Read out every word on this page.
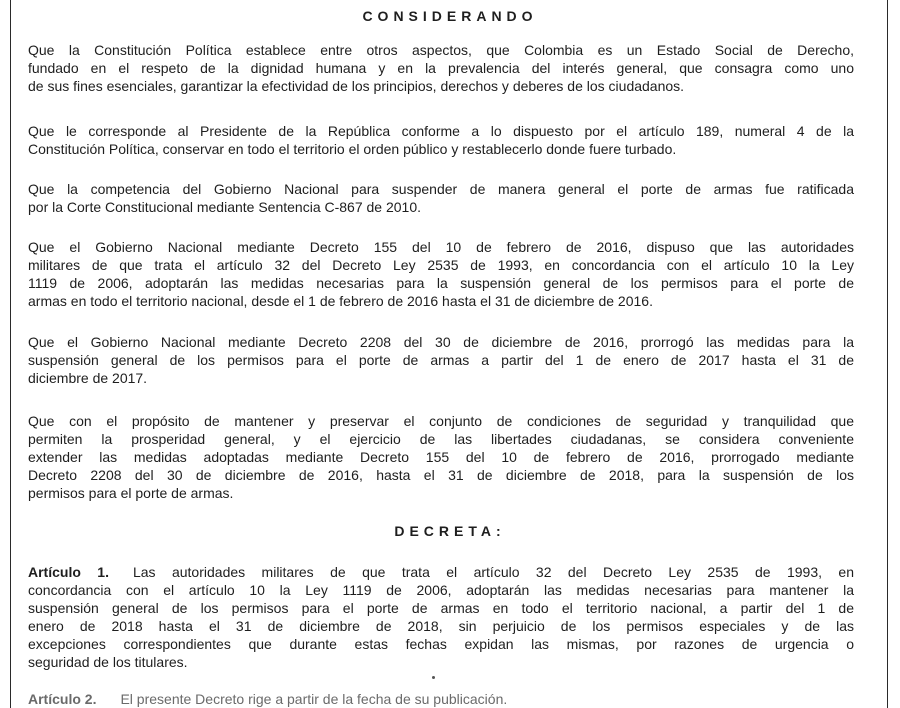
CONSIDERANDO
Que la Constitución Política establece entre otros aspectos, que Colombia es un Estado Social de Derecho,
fundado en el respeto de la dignidad humana y en la prevalencia del interés general, que consagra como uno
de sus fines esenciales, garantizar la efectividad de los principios, derechos y deberes de los ciudadanos.
Que le corresponde al Presidente de la República conforme a lo dispuesto por el artículo 189, numeral 4 de la
Constitución Política, conservar en todo el territorio el orden público y restablecerlo donde fuere turbado.
Que la competencia del Gobierno Nacional para suspender de manera general el porte de armas fue ratificada
por la Corte Constitucional mediante Sentencia C-867 de 2010.
Que el Gobierno Nacional mediante Decreto 155 del 10 de febrero de 2016, dispuso que las autoridades
militares de que trata el artículo 32 del Decreto Ley 2535 de 1993, en concordancia con el artículo 10 la Ley
1119 de 2006, adoptarán las medidas necesarias para la suspensión general de los permisos para el porte de
armas en todo el territorio nacional, desde el 1 de febrero de 2016 hasta el 31 de diciembre de 2016.
Que el Gobierno Nacional mediante Decreto 2208 del 30 de diciembre de 2016, prorrogó las medidas para la
suspensión general de los permisos para el porte de armas a partir del 1 de enero de 2017 hasta el 31 de
diciembre de 2017.
Que con el propósito de mantener y preservar el conjunto de condiciones de seguridad y tranquilidad que
permiten la prosperidad general, y el ejercicio de las libertades ciudadanas, se considera conveniente
extender las medidas adoptadas mediante Decreto 155 del 10 de febrero de 2016, prorrogado mediante
Decreto 2208 del 30 de diciembre de 2016, hasta el 31 de diciembre de 2018, para la suspensión de los
permisos para el porte de armas.
DECRETA:
Artículo 1. Las autoridades militares de que trata el artículo 32 del Decreto Ley 2535 de 1993, en
concordancia con el artículo 10 la Ley 1119 de 2006, adoptarán las medidas necesarias para mantener la
suspensión general de los permisos para el porte de armas en todo el territorio nacional, a partir del 1 de
enero de 2018 hasta el 31 de diciembre de 2018, sin perjuicio de los permisos especiales y de las
excepciones correspondientes que durante estas fechas expidan las mismas, por razones de urgencia o
seguridad de los titulares.
Artículo 2. El presente Decreto rige a partir de la fecha de su publicación.
